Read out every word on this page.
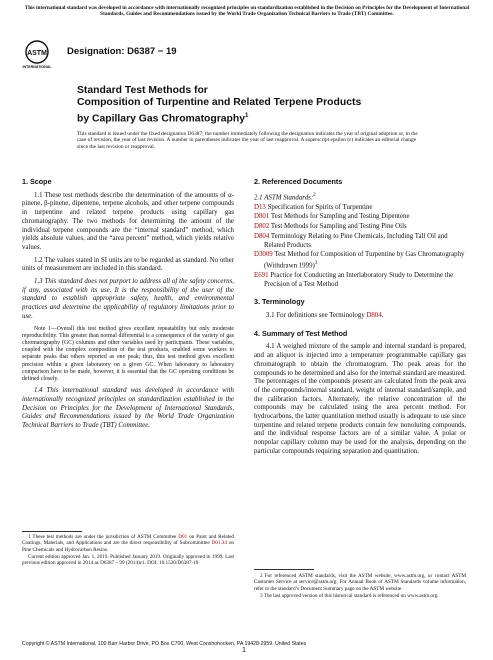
This international standard was developed in accordance with internationally recognized principles on standardization established in the Decision on Principles for the Development of International Standards, Guides and Recommendations issued by the World Trade Organization Technical Barriers to Trade (TBT) Committee.
ASTM
INTERNATIONAL
Designation: D6387 − 19
Standard Test Methods for
Composition of Turpentine and Related Terpene Products
by Capillary Gas Chromatography$^1$
This standard is issued under the fixed designation D6387; the number immediately following the designation indicates the year of original adoption or, in the case of revision, the year of last revision. A number in parentheses indicates the year of last reapproval. A superscript epsilon (ε) indicates an editorial change since the last revision or reapproval.
1. Scope

1.1 These test methods describe the determination of the amounts of α-pinene, β-pinene, dipentene, terpene alcohols, and other terpene compounds in turpentine and related terpene products using capillary gas chromatography. The two methods for determining the amount of the individual terpene compounds are the “internal standard” method, which yields absolute values, and the “area percent” method, which yields relative values.

1.2 The values stated in SI units are to be regarded as standard. No other units of measurement are included in this standard.

1.3 This standard does not purport to address all of the safety concerns, if any, associated with its use. It is the responsibility of the user of the standard to establish appropriate safety, health, and environmental practices and determine the applicability of regulatory limitations prior to use.

Note 1—Overall this test method gives excellent repeatability but only moderate reproducibility. This greater than normal differential is a consequence of the variety of gas chromatography (GC) columns and other variables used by participants. These variables, coupled with the complex composition of the test products, enabled some workers to separate peaks that others reported as one peak; thus, this test method gives excellent precision within a given laboratory on a given GC. When laboratory to laboratory comparison have to be made, however, it is essential that the GC operating conditions be defined closely.

1.4 This international standard was developed in accordance with internationally recognized principles on standardization established in the Decision on Principles for the Development of International Standards, Guides and Recommendations issued by the World Trade Organization Technical Barriers to Trade (TBT) Committee.

1 These test methods are under the jurisdiction of ASTM Committee D01 on Paint and Related Coatings, Materials, and Applications and are the direct responsibility of Subcommittee D01.34 on Pine Chemicals and Hydrocarbon Resins.

Current edition approved Jan. 1, 2019. Published January 2019. Originally approved in 1999. Last previous edition approved in 2014 as D6387 – 99 (2014)ε1. DOI: 10.1520/D6387-19.

2. Referenced Documents
2.1 ASTM Standards:$^2$
D13 Specification for Spirits of Turpentine
D801 Test Methods for Sampling and Testing Dipentene
D802 Test Methods for Sampling and Testing Pine Oils
D804 Terminology Relating to Pine Chemicals, Including Tall Oil and Related Products
D3009 Test Method for Composition of Turpentine by Gas Chromatography (Withdrawn 1999)$^3$
E691 Practice for Conducting an Interlaboratory Study to Determine the Precision of a Test Method
3. Terminology

3.1 For definitions see Terminology D804.

4. Summary of Test Method

4.1 A weighed mixture of the sample and internal standard is prepared, and an aliquot is injected into a temperature programmable capillary gas chromatograph to obtain the chromatogram. The peak areas for the compounds to be determined and also for the internal standard are measured. The percentages of the compounds present are calculated from the peak area of the compounds/internal standard, weight of internal standard/sample, and the calibration factors. Alternately, the relative concentration of the compounds may be calculated using the area percent method. For hydrocarbons, the latter quantitation method usually is adequate to use since turpentine and related terpene products contain few nonoluting compounds, and the individual response factors are of a similar value. A polar or nonpolar capillary column may be used for the analysis, depending on the particular compounds requiring separation and quantitation.

2 For referenced ASTM standards, visit the ASTM website, www.astm.org, or contact ASTM Customer Service at service@astm.org. For Annual Book of ASTM Standards volume information, refer to the standard’s Document Summary page on the ASTM website.

3 The last approved version of this historical standard is referenced on www.astm.org.

Copyright © ASTM International, 100 Barr Harbor Drive, PO Box C700, West Conshohocken, PA 19428-2959. United States
1
